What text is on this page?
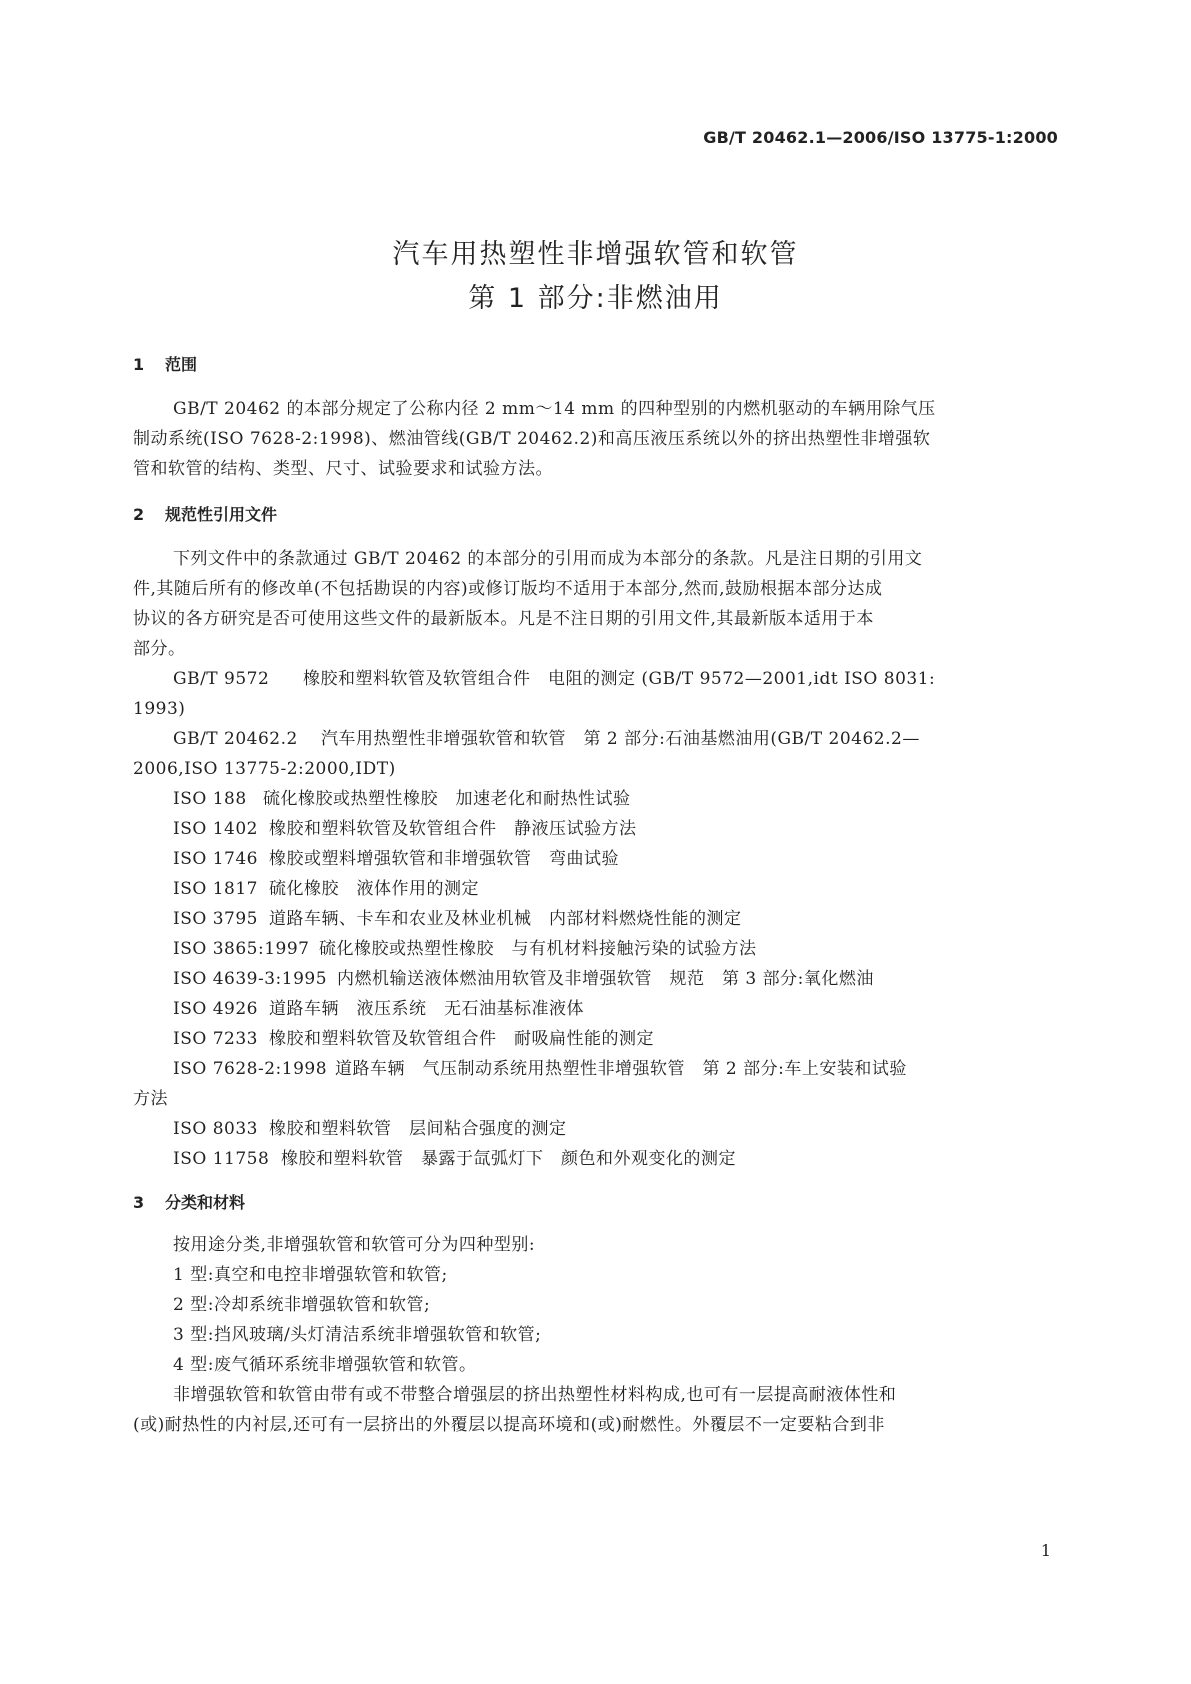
GB/T 20462.1—2006/ISO 13775-1:2000
汽车用热塑性非增强软管和软管
第 1 部分:非燃油用
1 范围
GB/T 20462 的本部分规定了公称内径 2 mm～14 mm 的四种型别的内燃机驱动的车辆用除气压
制动系统(ISO 7628-2:1998)、燃油管线(GB/T 20462.2)和高压液压系统以外的挤出热塑性非增强软
管和软管的结构、类型、尺寸、试验要求和试验方法。
2 规范性引用文件
下列文件中的条款通过 GB/T 20462 的本部分的引用而成为本部分的条款。凡是注日期的引用文
件,其随后所有的修改单(不包括勘误的内容)或修订版均不适用于本部分,然而,鼓励根据本部分达成
协议的各方研究是否可使用这些文件的最新版本。凡是不注日期的引用文件,其最新版本适用于本
部分。
GB/T 9572 橡胶和塑料软管及软管组合件　电阻的测定 (GB/T 9572—2001,idt ISO 8031:
1993)
GB/T 20462.2 汽车用热塑性非增强软管和软管　第 2 部分:石油基燃油用(GB/T 20462.2—
2006,ISO 13775-2:2000,IDT)
ISO 188 硫化橡胶或热塑性橡胶　加速老化和耐热性试验
ISO 1402 橡胶和塑料软管及软管组合件　静液压试验方法
ISO 1746 橡胶或塑料增强软管和非增强软管　弯曲试验
ISO 1817 硫化橡胶　液体作用的测定
ISO 3795 道路车辆、卡车和农业及林业机械　内部材料燃烧性能的测定
ISO 3865:1997 硫化橡胶或热塑性橡胶　与有机材料接触污染的试验方法
ISO 4639-3:1995 内燃机输送液体燃油用软管及非增强软管　规范　第 3 部分:氧化燃油
ISO 4926 道路车辆　液压系统　无石油基标准液体
ISO 7233 橡胶和塑料软管及软管组合件　耐吸扁性能的测定
ISO 7628-2:1998 道路车辆　气压制动系统用热塑性非增强软管　第 2 部分:车上安装和试验
方法
ISO 8033 橡胶和塑料软管　层间粘合强度的测定
ISO 11758 橡胶和塑料软管　暴露于氙弧灯下　颜色和外观变化的测定
3 分类和材料
按用途分类,非增强软管和软管可分为四种型别:
1 型:真空和电控非增强软管和软管;
2 型:冷却系统非增强软管和软管;
3 型:挡风玻璃/头灯清洁系统非增强软管和软管;
4 型:废气循环系统非增强软管和软管。
非增强软管和软管由带有或不带整合增强层的挤出热塑性材料构成,也可有一层提高耐液体性和
(或)耐热性的内衬层,还可有一层挤出的外覆层以提高环境和(或)耐燃性。外覆层不一定要粘合到非
1
